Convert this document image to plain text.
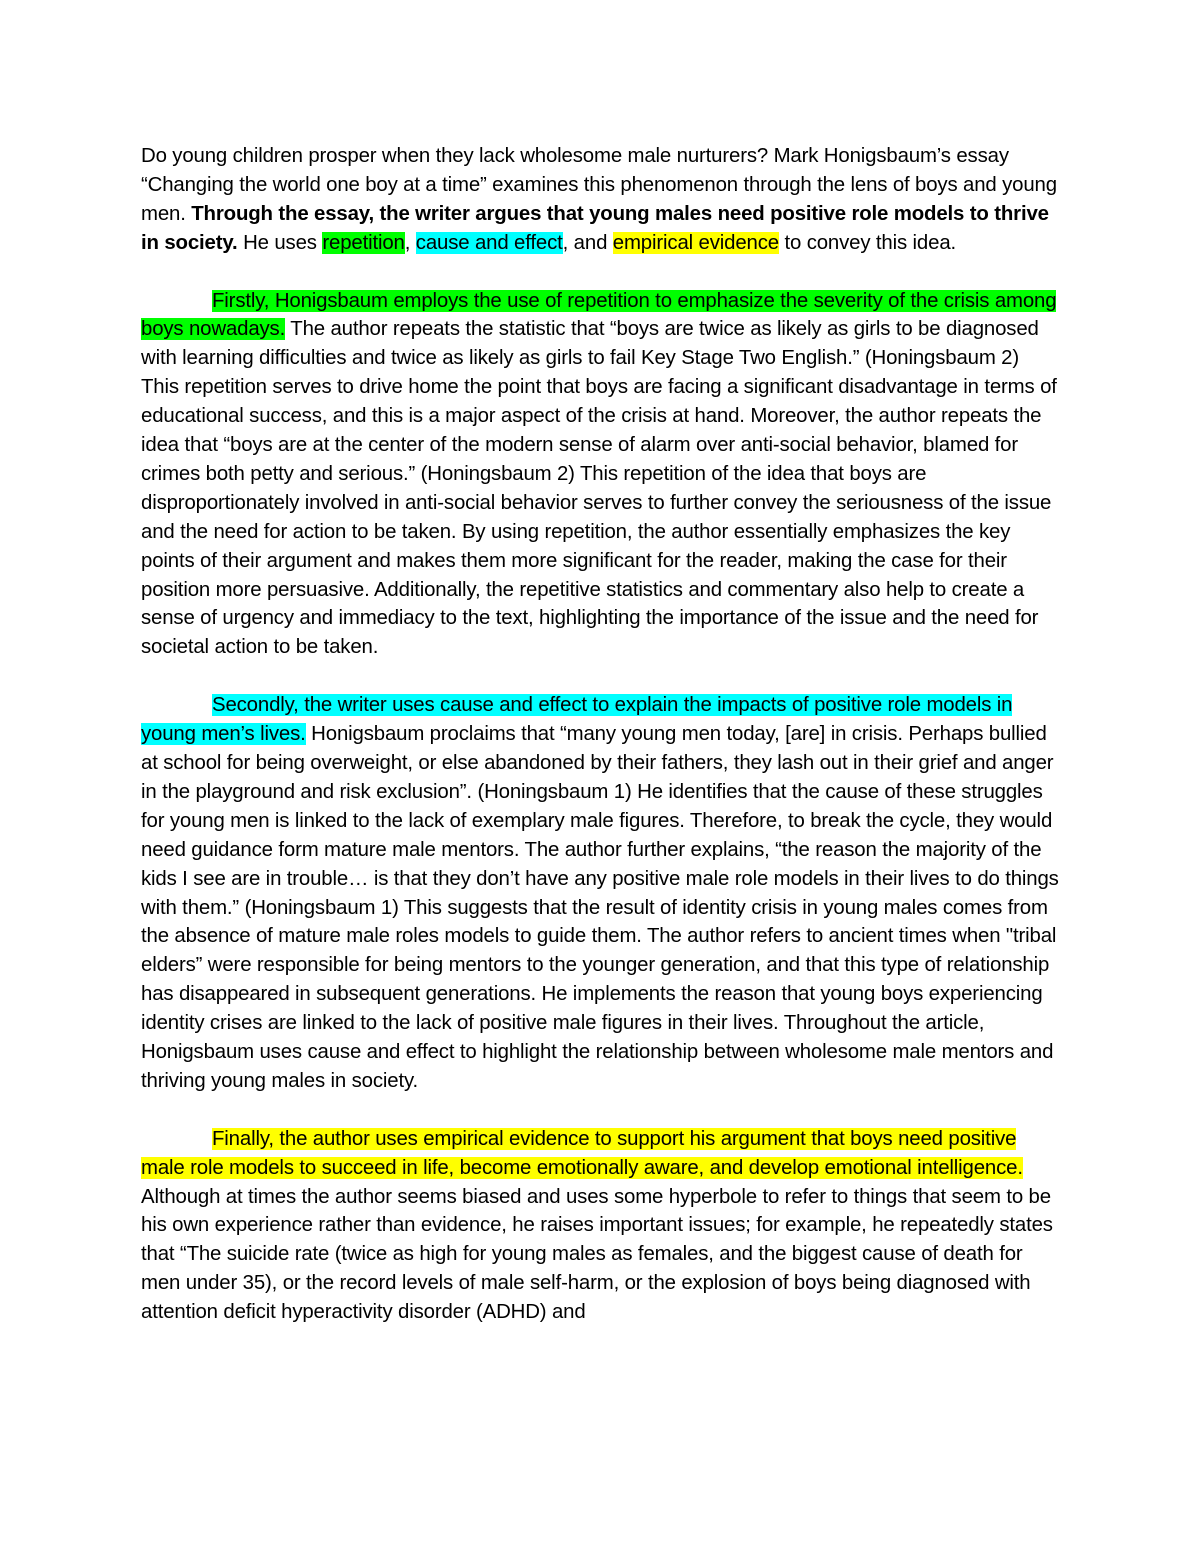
Do young children prosper when they lack wholesome male nurturers? Mark Honigsbaum’s essay “Changing the world one boy at a time” examines this phenomenon through the lens of boys and young men. Through the essay, the writer argues that young males need positive role models to thrive in society. He uses repetition, cause and effect, and empirical evidence to convey this idea.

Firstly, Honigsbaum employs the use of repetition to emphasize the severity of the crisis among boys nowadays. The author repeats the statistic that “boys are twice as likely as girls to be diagnosed with learning difficulties and twice as likely as girls to fail Key Stage Two English.” (Honingsbaum 2) This repetition serves to drive home the point that boys are facing a significant disadvantage in terms of educational success, and this is a major aspect of the crisis at hand. Moreover, the author repeats the idea that “boys are at the center of the modern sense of alarm over anti-social behavior, blamed for crimes both petty and serious.” (Honingsbaum 2) This repetition of the idea that boys are disproportionately involved in anti-social behavior serves to further convey the seriousness of the issue and the need for action to be taken. By using repetition, the author essentially emphasizes the key points of their argument and makes them more significant for the reader, making the case for their position more persuasive. Additionally, the repetitive statistics and commentary also help to create a sense of urgency and immediacy to the text, highlighting the importance of the issue and the need for societal action to be taken.

Secondly, the writer uses cause and effect to explain the impacts of positive role models in young men’s lives. Honigsbaum proclaims that “many young men today, [are] in crisis. Perhaps bullied at school for being overweight, or else abandoned by their fathers, they lash out in their grief and anger in the playground and risk exclusion”. (Honingsbaum 1) He identifies that the cause of these struggles for young men is linked to the lack of exemplary male figures. Therefore, to break the cycle, they would need guidance form mature male mentors. The author further explains, “the reason the majority of the kids I see are in trouble… is that they don’t have any positive male role models in their lives to do things with them.” (Honingsbaum 1) This suggests that the result of identity crisis in young males comes from the absence of mature male roles models to guide them. The author refers to ancient times when "tribal elders” were responsible for being mentors to the younger generation, and that this type of relationship has disappeared in subsequent generations. He implements the reason that young boys experiencing identity crises are linked to the lack of positive male figures in their lives. Throughout the article, Honigsbaum uses cause and effect to highlight the relationship between wholesome male mentors and thriving young males in society.

Finally, the author uses empirical evidence to support his argument that boys need positive male role models to succeed in life, become emotionally aware, and develop emotional intelligence. Although at times the author seems biased and uses some hyperbole to refer to things that seem to be his own experience rather than evidence, he raises important issues; for example, he repeatedly states that “The suicide rate (twice as high for young males as females, and the biggest cause of death for men under 35), or the record levels of male self-harm, or the explosion of boys being diagnosed with attention deficit hyperactivity disorder (ADHD) and
